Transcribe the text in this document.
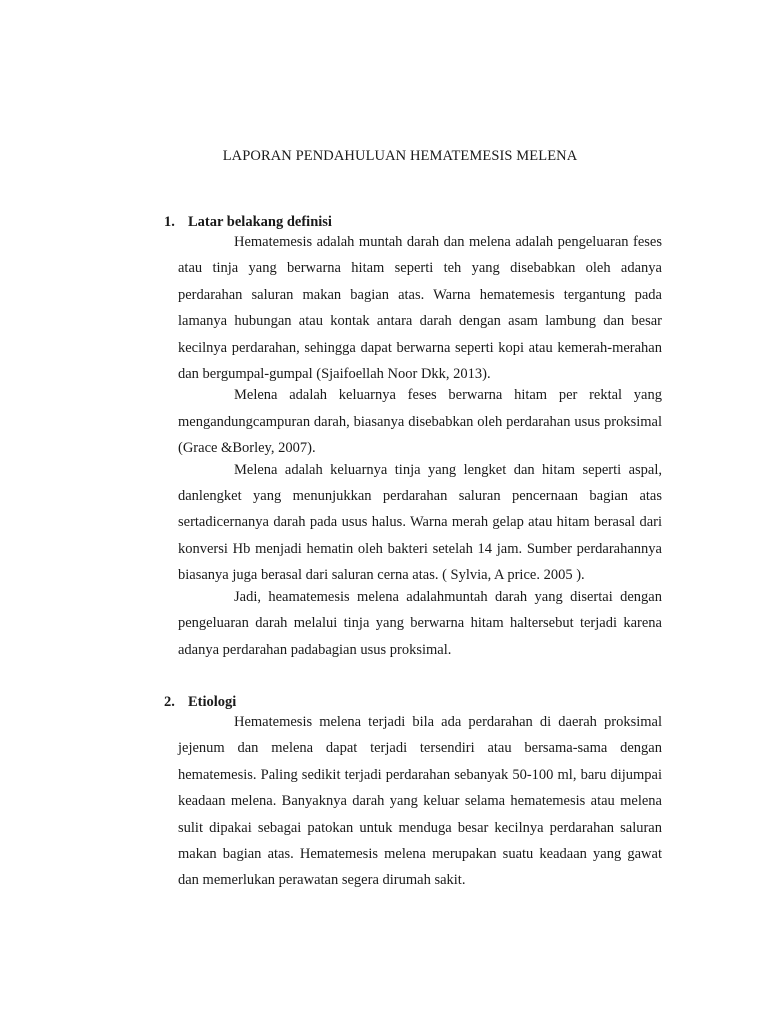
LAPORAN PENDAHULUAN HEMATEMESIS MELENA
1. Latar belakang definisi

Hematemesis adalah muntah darah dan melena adalah pengeluaran feses atau tinja yang berwarna hitam seperti teh yang disebabkan oleh adanya perdarahan saluran makan bagian atas. Warna hematemesis tergantung pada lamanya hubungan atau kontak antara darah dengan asam lambung dan besar kecilnya perdarahan, sehingga dapat berwarna seperti kopi atau kemerah-merahan dan bergumpal-gumpal (Sjaifoellah Noor Dkk, 2013).

Melena adalah keluarnya feses berwarna hitam per rektal yang mengandungcampuran darah, biasanya disebabkan oleh perdarahan usus proksimal (Grace &Borley, 2007).

Melena adalah keluarnya tinja yang lengket dan hitam seperti aspal, danlengket yang menunjukkan perdarahan saluran pencernaan bagian atas sertadicernanya darah pada usus halus. Warna merah gelap atau hitam berasal dari konversi Hb menjadi hematin oleh bakteri setelah 14 jam. Sumber perdarahannya biasanya juga berasal dari saluran cerna atas. ( Sylvia, A price. 2005 ).

Jadi, heamatemesis melena adalahmuntah darah yang disertai dengan pengeluaran darah melalui tinja yang berwarna hitam haltersebut terjadi karena adanya perdarahan padabagian usus proksimal.

2. Etiologi

Hematemesis melena terjadi bila ada perdarahan di daerah proksimal jejenum dan melena dapat terjadi tersendiri atau bersama-sama dengan hematemesis. Paling sedikit terjadi perdarahan sebanyak 50-100 ml, baru dijumpai keadaan melena. Banyaknya darah yang keluar selama hematemesis atau melena sulit dipakai sebagai patokan untuk menduga besar kecilnya perdarahan saluran makan bagian atas. Hematemesis melena merupakan suatu keadaan yang gawat dan memerlukan perawatan segera dirumah sakit.
